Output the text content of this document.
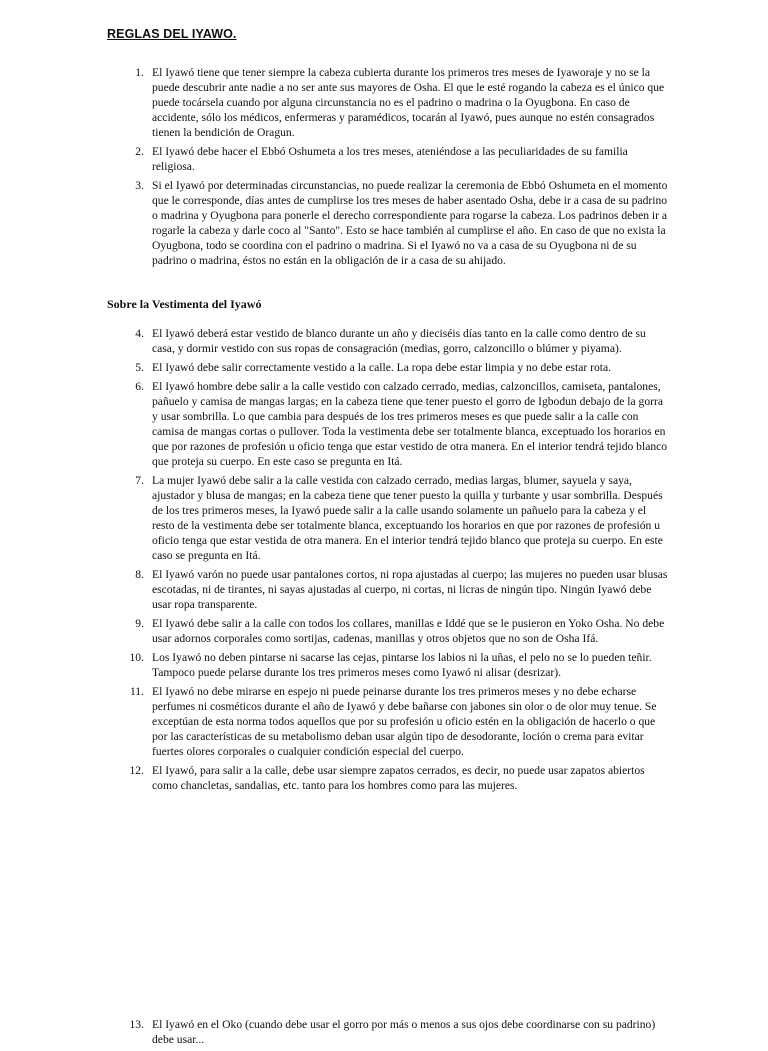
REGLAS DEL IYAWO.
1. El Iyawó tiene que tener siempre la cabeza cubierta durante los primeros tres meses de Iyaworaje y no se la puede descubrir ante nadie a no ser ante sus mayores de Osha. El que le esté rogando la cabeza es el único que puede tocársela cuando por alguna circunstancia no es el padrino o madrina o la Oyugbona. En caso de accidente, sólo los médicos, enfermeras y paramédicos, tocarán al Iyawó, pues aunque no estén consagrados tienen la bendición de Oragun.
2. El Iyawó debe hacer el Ebbó Oshumeta a los tres meses, ateniéndose a las peculiaridades de su familia religiosa.
3. Si el Iyawó por determinadas circunstancias, no puede realizar la ceremonia de Ebbó Oshumeta en el momento que le corresponde, días antes de cumplirse los tres meses de haber asentado Osha, debe ir a casa de su padrino o madrina y Oyugbona para ponerle el derecho correspondiente para rogarse la cabeza. Los padrinos deben ir a rogarle la cabeza y darle coco al "Santo". Esto se hace también al cumplirse el año. En caso de que no exista la Oyugbona, todo se coordina con el padrino o madrina. Si el Iyawó no va a casa de su Oyugbona ni de su padrino o madrina, éstos no están en la obligación de ir a casa de su ahijado.
Sobre la Vestimenta del Iyawó
4. El Iyawó deberá estar vestido de blanco durante un año y dieciséis días tanto en la calle como dentro de su casa, y dormir vestido con sus ropas de consagración (medias, gorro, calzoncillo o blúmer y piyama).
5. El Iyawó debe salir correctamente vestido a la calle. La ropa debe estar limpia y no debe estar rota.
6. El Iyawó hombre debe salir a la calle vestido con calzado cerrado, medias, calzoncillos, camiseta, pantalones, pañuelo y camisa de mangas largas; en la cabeza tiene que tener puesto el gorro de Igbodun debajo de la gorra y usar sombrilla. Lo que cambia para después de los tres primeros meses es que puede salir a la calle con camisa de mangas cortas o pullover. Toda la vestimenta debe ser totalmente blanca, exceptuado los horarios en que por razones de profesión u oficio tenga que estar vestido de otra manera. En el interior tendrá tejido blanco que proteja su cuerpo. En este caso se pregunta en Itá.
7. La mujer Iyawó debe salir a la calle vestida con calzado cerrado, medias largas, blumer, sayuela y saya, ajustador y blusa de mangas; en la cabeza tiene que tener puesto la quilla y turbante y usar sombrilla. Después de los tres primeros meses, la Iyawó puede salir a la calle usando solamente un pañuelo para la cabeza y el resto de la vestimenta debe ser totalmente blanca, exceptuando los horarios en que por razones de profesión u oficio tenga que estar vestida de otra manera. En el interior tendrá tejido blanco que proteja su cuerpo. En este caso se pregunta en Itá.
8. El Iyawó varón no puede usar pantalones cortos, ni ropa ajustadas al cuerpo; las mujeres no pueden usar blusas escotadas, ni de tirantes, ni sayas ajustadas al cuerpo, ni cortas, ni licras de ningún tipo. Ningún Iyawó debe usar ropa transparente.
9. El Iyawó debe salir a la calle con todos los collares, manillas e Iddé que se le pusieron en Yoko Osha. No debe usar adornos corporales como sortijas, cadenas, manillas y otros objetos que no son de Osha Ifá.
10. Los Iyawó no deben pintarse ni sacarse las cejas, pintarse los labios ni la uñas, el pelo no se lo pueden teñir. Tampoco puede pelarse durante los tres primeros meses como Iyawó ni alisar (desrizar).
11. El Iyawó no debe mirarse en espejo ni puede peinarse durante los tres primeros meses y no debe echarse perfumes ni cosméticos durante el año de Iyawó y debe bañarse con jabones sin olor o de olor muy tenue. Se exceptúan de esta norma todos aquellos que por su profesión u oficio estén en la obligación de hacerlo o que por las características de su metabolismo deban usar algún tipo de desodorante, loción o crema para evitar fuertes olores corporales o cualquier condición especial del cuerpo.
12. El Iyawó, para salir a la calle, debe usar siempre zapatos cerrados, es decir, no puede usar zapatos abiertos como chancletas, sandalias, etc. tanto para los hombres como para las mujeres.
13. El Iyawó en el Oko (cuando debe usar el gorro por más o menos a sus ojos debe coordinarse con su padrino) debe usar...
